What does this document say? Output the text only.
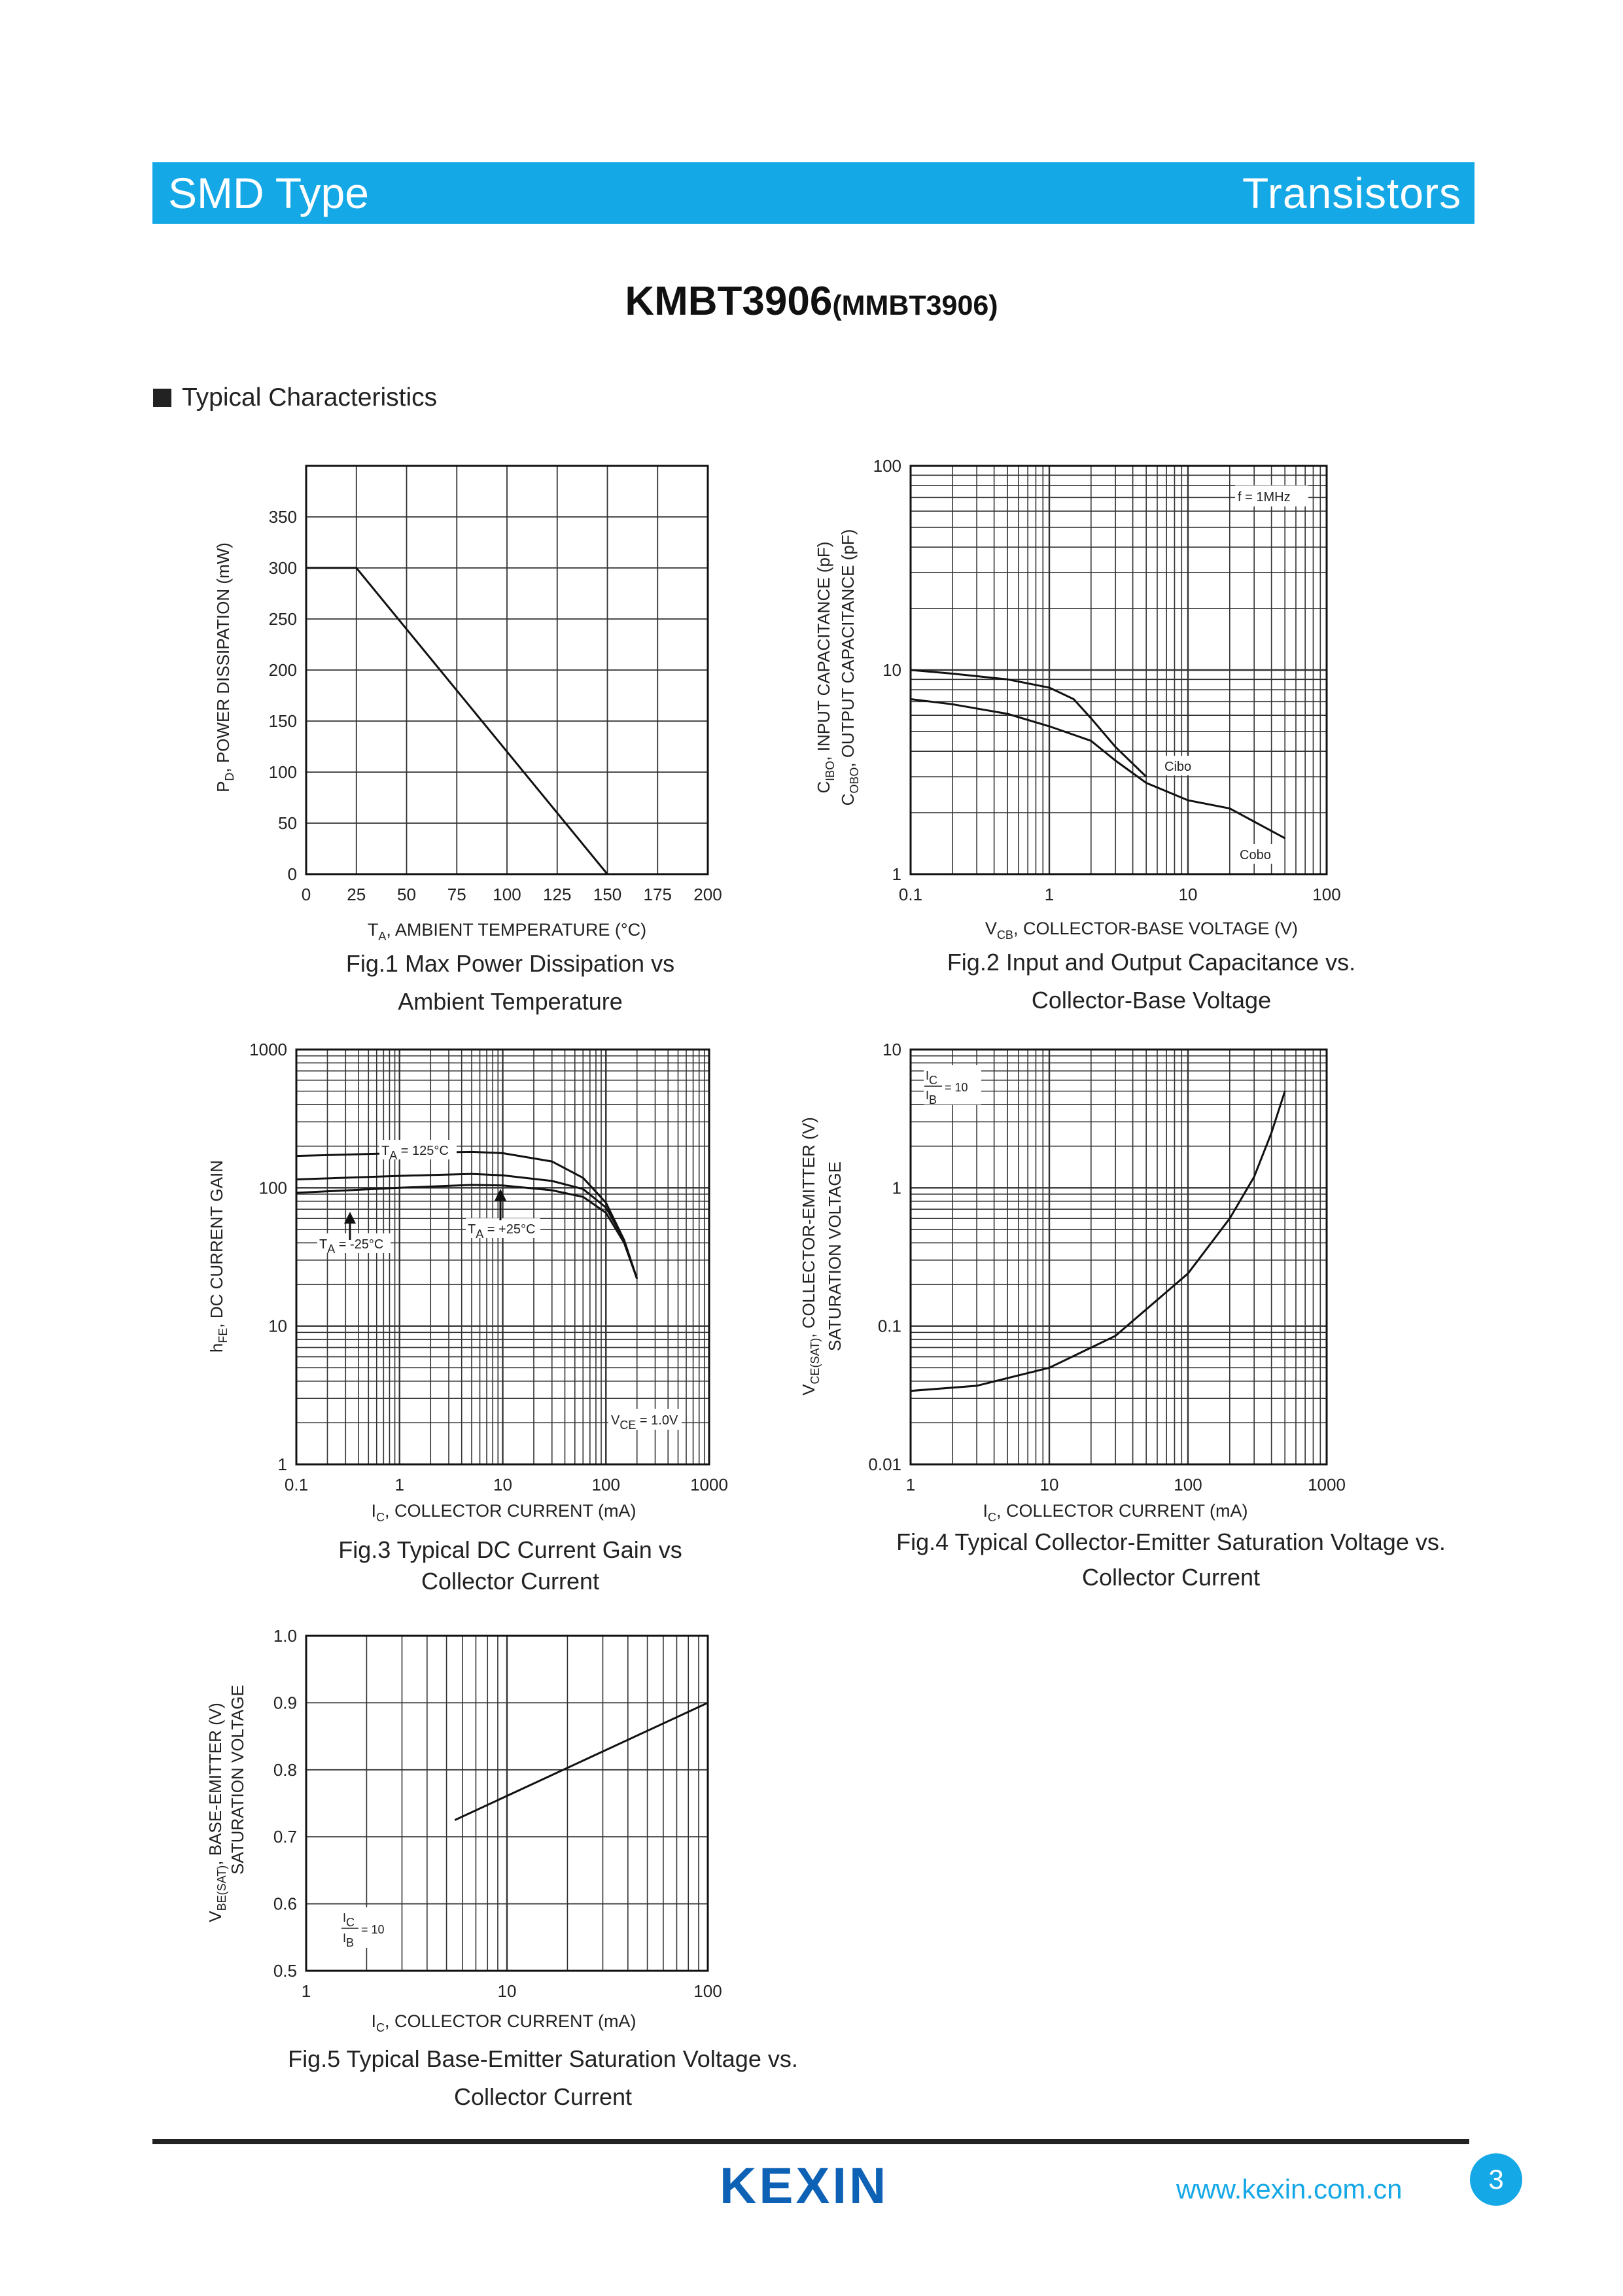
SMD Type	Transistors
KMBT3906(MMBT3906)
Typical Characteristics
0 25 50 75 100 125 150 175 200
0
50
100
150
200
250
300
350
$T_A$, AMBIENT TEMPERATURE (°C)
$P_D$, POWER DISSIPATION (mW)
0.1	1	10	100
1
10
100
$V_{CB}$, COLLECTOR-BASE VOLTAGE (V)
$C_{IBO}$, INPUT CAPACITANCE (pF)
$C_{OBO}$, OUTPUT CAPACITANCE (pF)
f = 1MHz
Cibo
Cobo
0.1	1	10	100	1000
1
10
100
1000
$I_C$, COLLECTOR CURRENT (mA)
$h_{FE}$, DC CURRENT GAIN
TA = 125°C
TA = +25°C
TA = -25°C
VCE = 1.0V
1	10	100	1000
0.01
0.1
1
10
$I_C$, COLLECTOR CURRENT (mA)
$V_{CE(SAT)}$, COLLECTOR-EMITTER (V) SATURATION VOLTAGE
IC
IB
= 10
1	10	100
0.5
0.6
0.7
0.8
0.9
1.0
$I_C$, COLLECTOR CURRENT (mA)
$V_{BE(SAT)}$, BASE-EMITTER (V) SATURATION VOLTAGE
IC
IB
= 10
Fig.1 Max Power Dissipation vs
Ambient Temperature
Fig.2 Input and Output Capacitance vs.
Collector-Base Voltage
Fig.3 Typical DC Current Gain vs
Collector Current
Fig.4 Typical Collector-Emitter Saturation Voltage vs.
Collector Current
Fig.5 Typical Base-Emitter Saturation Voltage vs.
Collector Current
KEXIN	www.kexin.com.cn	3
